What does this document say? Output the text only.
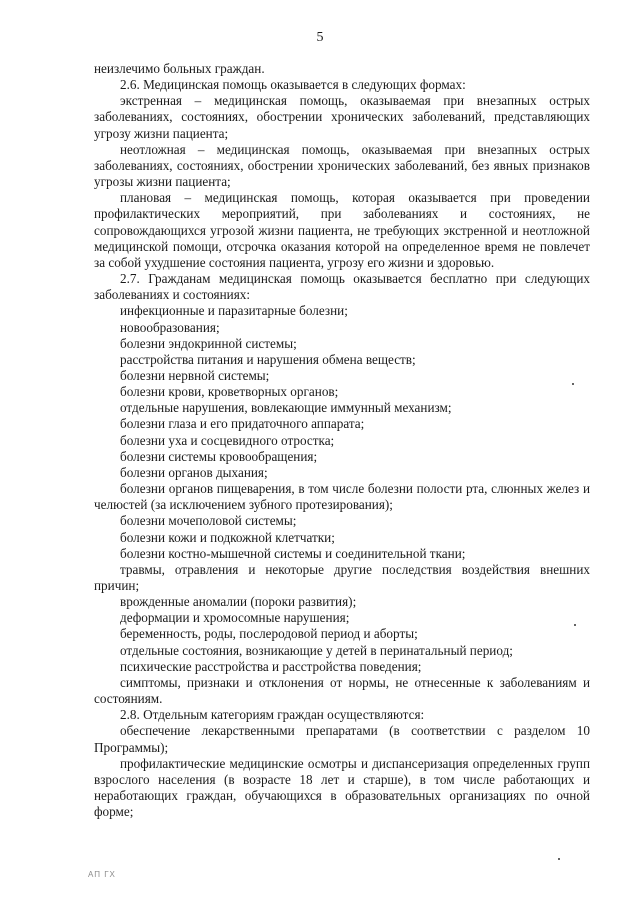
5

неизлечимо больных граждан.

2.6. Медицинская помощь оказывается в следующих формах:

экстренная – медицинская помощь, оказываемая при внезапных острых заболеваниях, состояниях, обострении хронических заболеваний, представляющих угрозу жизни пациента;

неотложная – медицинская помощь, оказываемая при внезапных острых заболеваниях, состояниях, обострении хронических заболеваний, без явных признаков угрозы жизни пациента;

плановая – медицинская помощь, которая оказывается при проведении профилактических мероприятий, при заболеваниях и состояниях, не сопровождающихся угрозой жизни пациента, не требующих экстренной и неотложной медицинской помощи, отсрочка оказания которой на определенное время не повлечет за собой ухудшение состояния пациента, угрозу его жизни и здоровью.

2.7. Гражданам медицинская помощь оказывается бесплатно при следующих заболеваниях и состояниях:

инфекционные и паразитарные болезни;

новообразования;

болезни эндокринной системы;

расстройства питания и нарушения обмена веществ;

болезни нервной системы;

болезни крови, кроветворных органов;

отдельные нарушения, вовлекающие иммунный механизм;

болезни глаза и его придаточного аппарата;

болезни уха и сосцевидного отростка;

болезни системы кровообращения;

болезни органов дыхания;

болезни органов пищеварения, в том числе болезни полости рта, слюнных желез и челюстей (за исключением зубного протезирования);

болезни мочеполовой системы;

болезни кожи и подкожной клетчатки;

болезни костно-мышечной системы и соединительной ткани;

травмы, отравления и некоторые другие последствия воздействия внешних причин;

врожденные аномалии (пороки развития);

деформации и хромосомные нарушения;

беременность, роды, послеродовой период и аборты;

отдельные состояния, возникающие у детей в перинатальный период;

психические расстройства и расстройства поведения;

симптомы, признаки и отклонения от нормы, не отнесенные к заболеваниям и состояниям.

2.8. Отдельным категориям граждан осуществляются:

обеспечение лекарственными препаратами (в соответствии с разделом 10 Программы);

профилактические медицинские осмотры и диспансеризация определенных групп взрослого населения (в возрасте 18 лет и старше), в том числе работающих и неработающих граждан, обучающихся в образовательных организациях по очной форме;

АП ГХ
